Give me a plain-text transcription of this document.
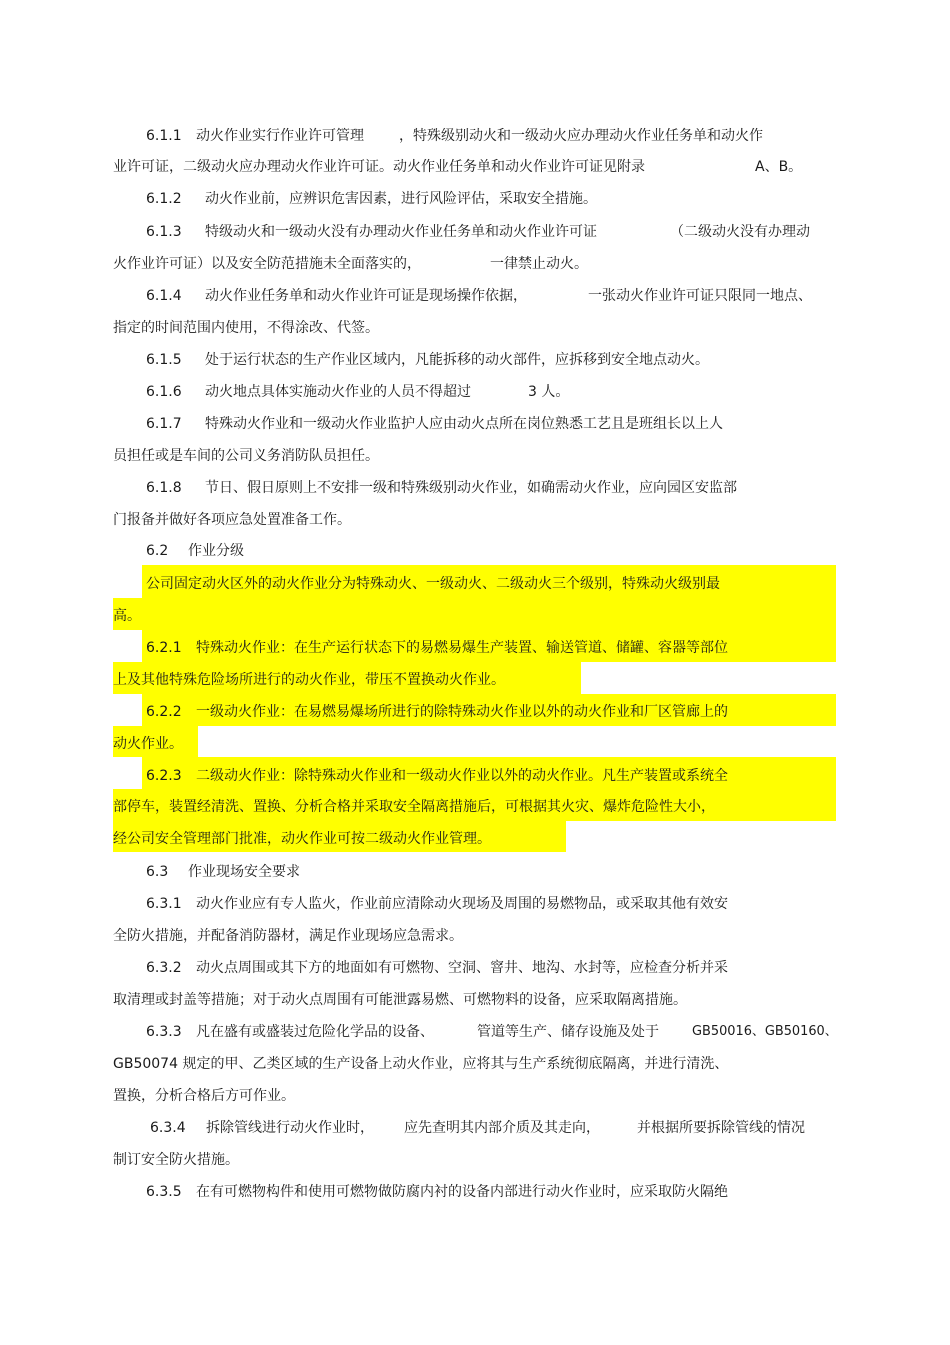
6.1.1 动火作业实行作业许可管理	，特殊级别动火和一级动火应办理动火作业任务单和动火作
业许可证，二级动火应办理动火作业许可证。动火作业任务单和动火作业许可证见附录	A、B。
6.1.2 动火作业前，应辨识危害因素，进行风险评估，采取安全措施。
6.1.3 特级动火和一级动火没有办理动火作业任务单和动火作业许可证	（二级动火没有办理动
火作业许可证）以及安全防范措施未全面落实的，	一律禁止动火。
6.1.4 动火作业任务单和动火作业许可证是现场操作依据，	一张动火作业许可证只限同一地点、
指定的时间范围内使用，不得涂改、代签。
6.1.5 处于运行状态的生产作业区域内，凡能拆移的动火部件，应拆移到安全地点动火。
6.1.6 动火地点具体实施动火作业的人员不得超过	3 人。
6.1.7 特殊动火作业和一级动火作业监护人应由动火点所在岗位熟悉工艺且是班组长以上人
员担任或是车间的公司义务消防队员担任。
6.1.8 节日、假日原则上不安排一级和特殊级别动火作业，如确需动火作业，应向园区安监部
门报备并做好各项应急处置准备工作。
6.2 作业分级
公司固定动火区外的动火作业分为特殊动火、一级动火、二级动火三个级别，特殊动火级别最
高。
6.2.1 特殊动火作业：在生产运行状态下的易燃易爆生产装置、输送管道、储罐、容器等部位
上及其他特殊危险场所进行的动火作业，带压不置换动火作业。
6.2.2 一级动火作业：在易燃易爆场所进行的除特殊动火作业以外的动火作业和厂区管廊上的
动火作业。
6.2.3 二级动火作业：除特殊动火作业和一级动火作业以外的动火作业。凡生产装置或系统全
部停车，装置经清洗、置换、分析合格并采取安全隔离措施后，可根据其火灾、爆炸危险性大小，
经公司安全管理部门批准，动火作业可按二级动火作业管理。
6.3 作业现场安全要求
6.3.1 动火作业应有专人监火，作业前应清除动火现场及周围的易燃物品，或采取其他有效安
全防火措施，并配备消防器材，满足作业现场应急需求。
6.3.2 动火点周围或其下方的地面如有可燃物、空洞、窨井、地沟、水封等，应检查分析并采
取清理或封盖等措施；对于动火点周围有可能泄露易燃、可燃物料的设备，应采取隔离措施。
6.3.3 凡在盛有或盛装过危险化学品的设备、	管道等生产、储存设施及处于	GB50016、GB50160、
GB50074 规定的甲、乙类区域的生产设备上动火作业，应将其与生产系统彻底隔离，并进行清洗、
置换，分析合格后方可作业。
6.3.4 拆除管线进行动火作业时， 应先查明其内部介质及其走向，	并根据所要拆除管线的情况
制订安全防火措施。
6.3.5 在有可燃物构件和使用可燃物做防腐内衬的设备内部进行动火作业时，应采取防火隔绝
